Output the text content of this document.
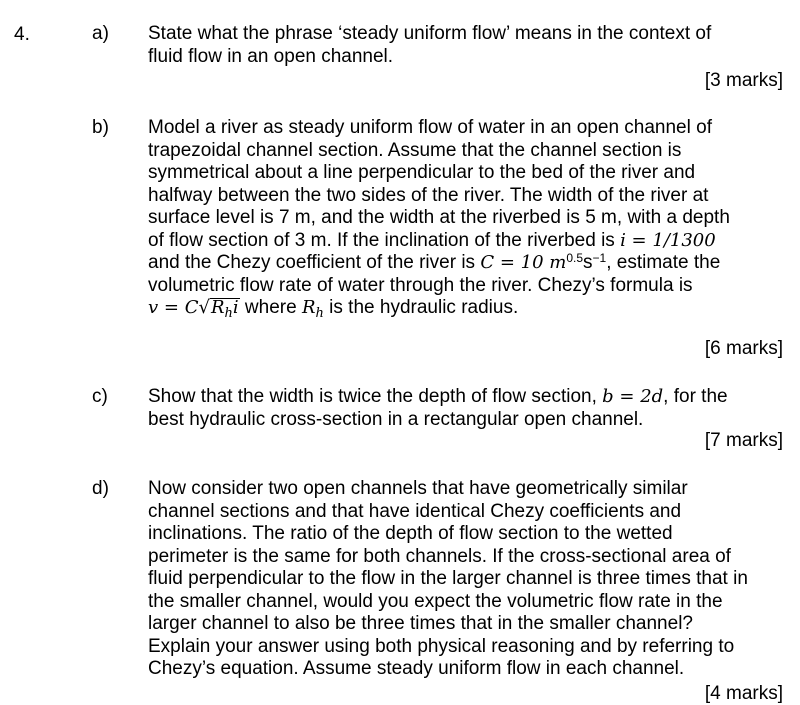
4.	a) State what the phrase ‘steady uniform flow’ means in the context of
fluid flow in an open channel.
[3 marks]
b) Model a river as steady uniform flow of water in an open channel of
trapezoidal channel section. Assume that the channel section is
symmetrical about a line perpendicular to the bed of the river and
halfway between the two sides of the river. The width of the river at
surface level is 7 m, and the width at the riverbed is 5 m, with a depth
of flow section of 3 m. If the inclination of the riverbed is i = 1/1300
and the Chezy coefficient of the river is C = 10 $m^{0.5}s^{-1}$, estimate the
volumetric flow rate of water through the river. Chezy’s formula is
$v = C√R_hi$ where $R_h$ is the hydraulic radius.
[6 marks]
c) Show that the width is twice the depth of flow section, b = 2d, for the
best hydraulic cross-section in a rectangular open channel.
[7 marks]
d) Now consider two open channels that have geometrically similar
channel sections and that have identical Chezy coefficients and
inclinations. The ratio of the depth of flow section to the wetted
perimeter is the same for both channels. If the cross-sectional area of
fluid perpendicular to the flow in the larger channel is three times that in
the smaller channel, would you expect the volumetric flow rate in the
larger channel to also be three times that in the smaller channel?
Explain your answer using both physical reasoning and by referring to
Chezy’s equation. Assume steady uniform flow in each channel.
[4 marks]
